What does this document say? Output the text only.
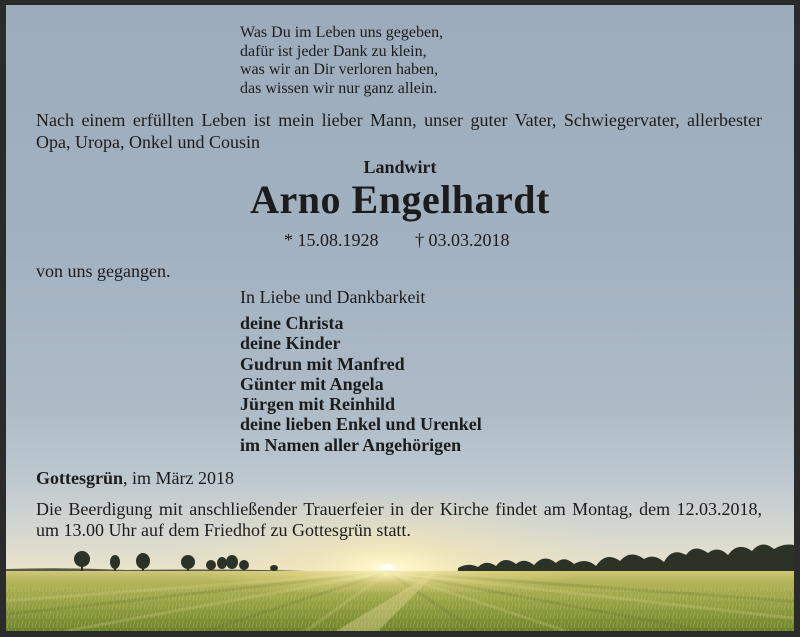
Was Du im Leben uns gegeben,
dafür ist jeder Dank zu klein,
was wir an Dir verloren haben,
das wissen wir nur ganz allein.
Nach einem erfüllten Leben ist mein lieber Mann, unser guter Vater, Schwiegervater, allerbester
Opa, Uropa, Onkel und Cousin
Landwirt
Arno Engelhardt
* 15.08.1928 † 03.03.2018
von uns gegangen.
In Liebe und Dankbarkeit
deine Christa
deine Kinder
Gudrun mit Manfred
Günter mit Angela
Jürgen mit Reinhild
deine lieben Enkel und Urenkel
im Namen aller Angehörigen
Gottesgrün, im März 2018
Die Beerdigung mit anschließender Trauerfeier in der Kirche findet am Montag, dem 12.03.2018,
um 13.00 Uhr auf dem Friedhof zu Gottesgrün statt.
